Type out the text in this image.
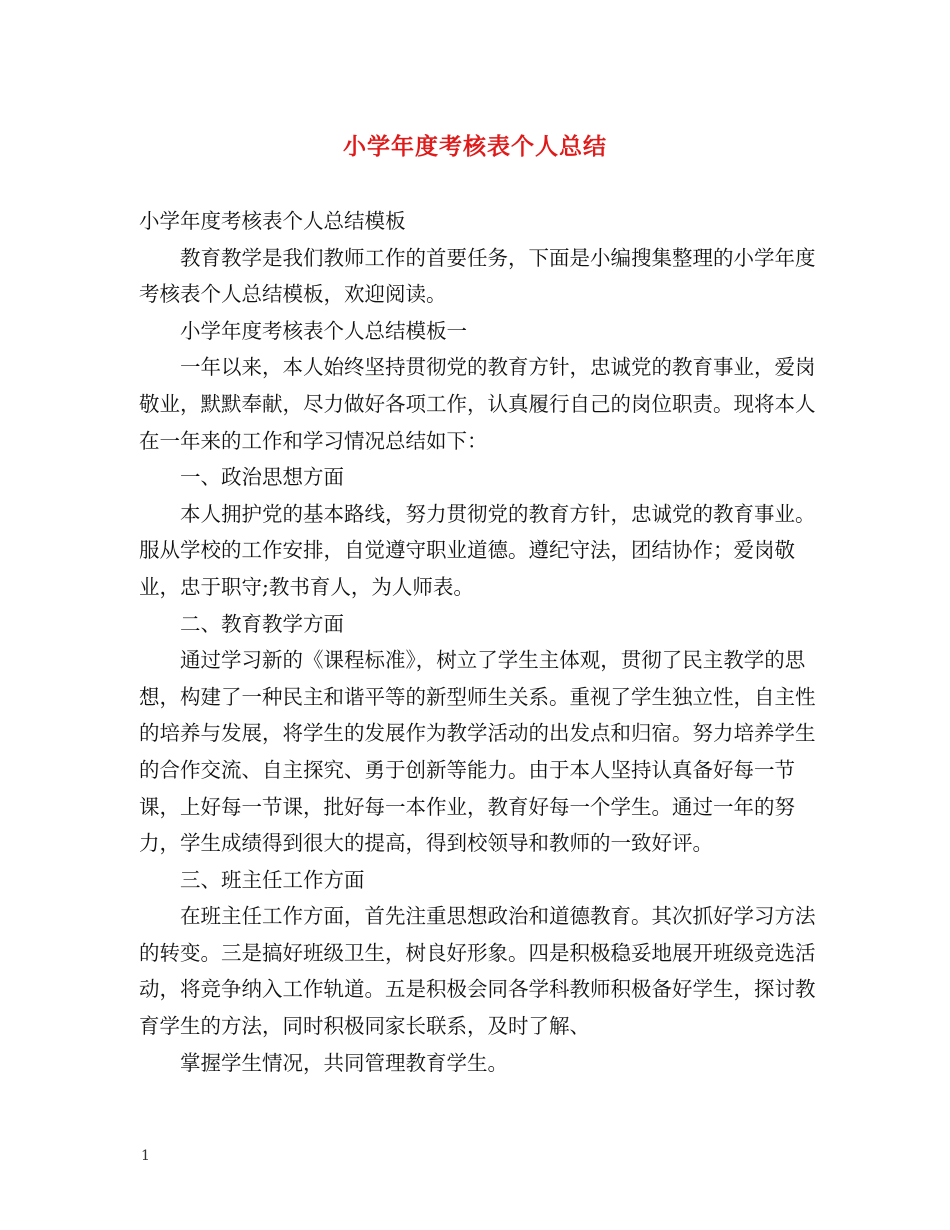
小学年度考核表个人总结

小学年度考核表个人总结模板

教育教学是我们教师工作的首要任务，下面是小编搜集整理的小学年度考核表个人总结模板，欢迎阅读。

小学年度考核表个人总结模板一

一年以来，本人始终坚持贯彻党的教育方针，忠诚党的教育事业，爱岗敬业，默默奉献，尽力做好各项工作，认真履行自己的岗位职责。现将本人在一年来的工作和学习情况总结如下：

一、政治思想方面

本人拥护党的基本路线，努力贯彻党的教育方针，忠诚党的教育事业。服从学校的工作安排，自觉遵守职业道德。遵纪守法，团结协作；爱岗敬业，忠于职守;教书育人，为人师表。

二、教育教学方面

通过学习新的《课程标准》，树立了学生主体观，贯彻了民主教学的思想，构建了一种民主和谐平等的新型师生关系。重视了学生独立性，自主性的培养与发展，将学生的发展作为教学活动的出发点和归宿。努力培养学生的合作交流、自主探究、勇于创新等能力。由于本人坚持认真备好每一节课，上好每一节课，批好每一本作业，教育好每一个学生。通过一年的努力，学生成绩得到很大的提高，得到校领导和教师的一致好评。

三、班主任工作方面

在班主任工作方面，首先注重思想政治和道德教育。其次抓好学习方法的转变。三是搞好班级卫生，树良好形象。四是积极稳妥地展开班级竞选活动，将竞争纳入工作轨道。五是积极会同各学科教师积极备好学生，探讨教育学生的方法，同时积极同家长联系，及时了解、

掌握学生情况，共同管理教育学生。

1
